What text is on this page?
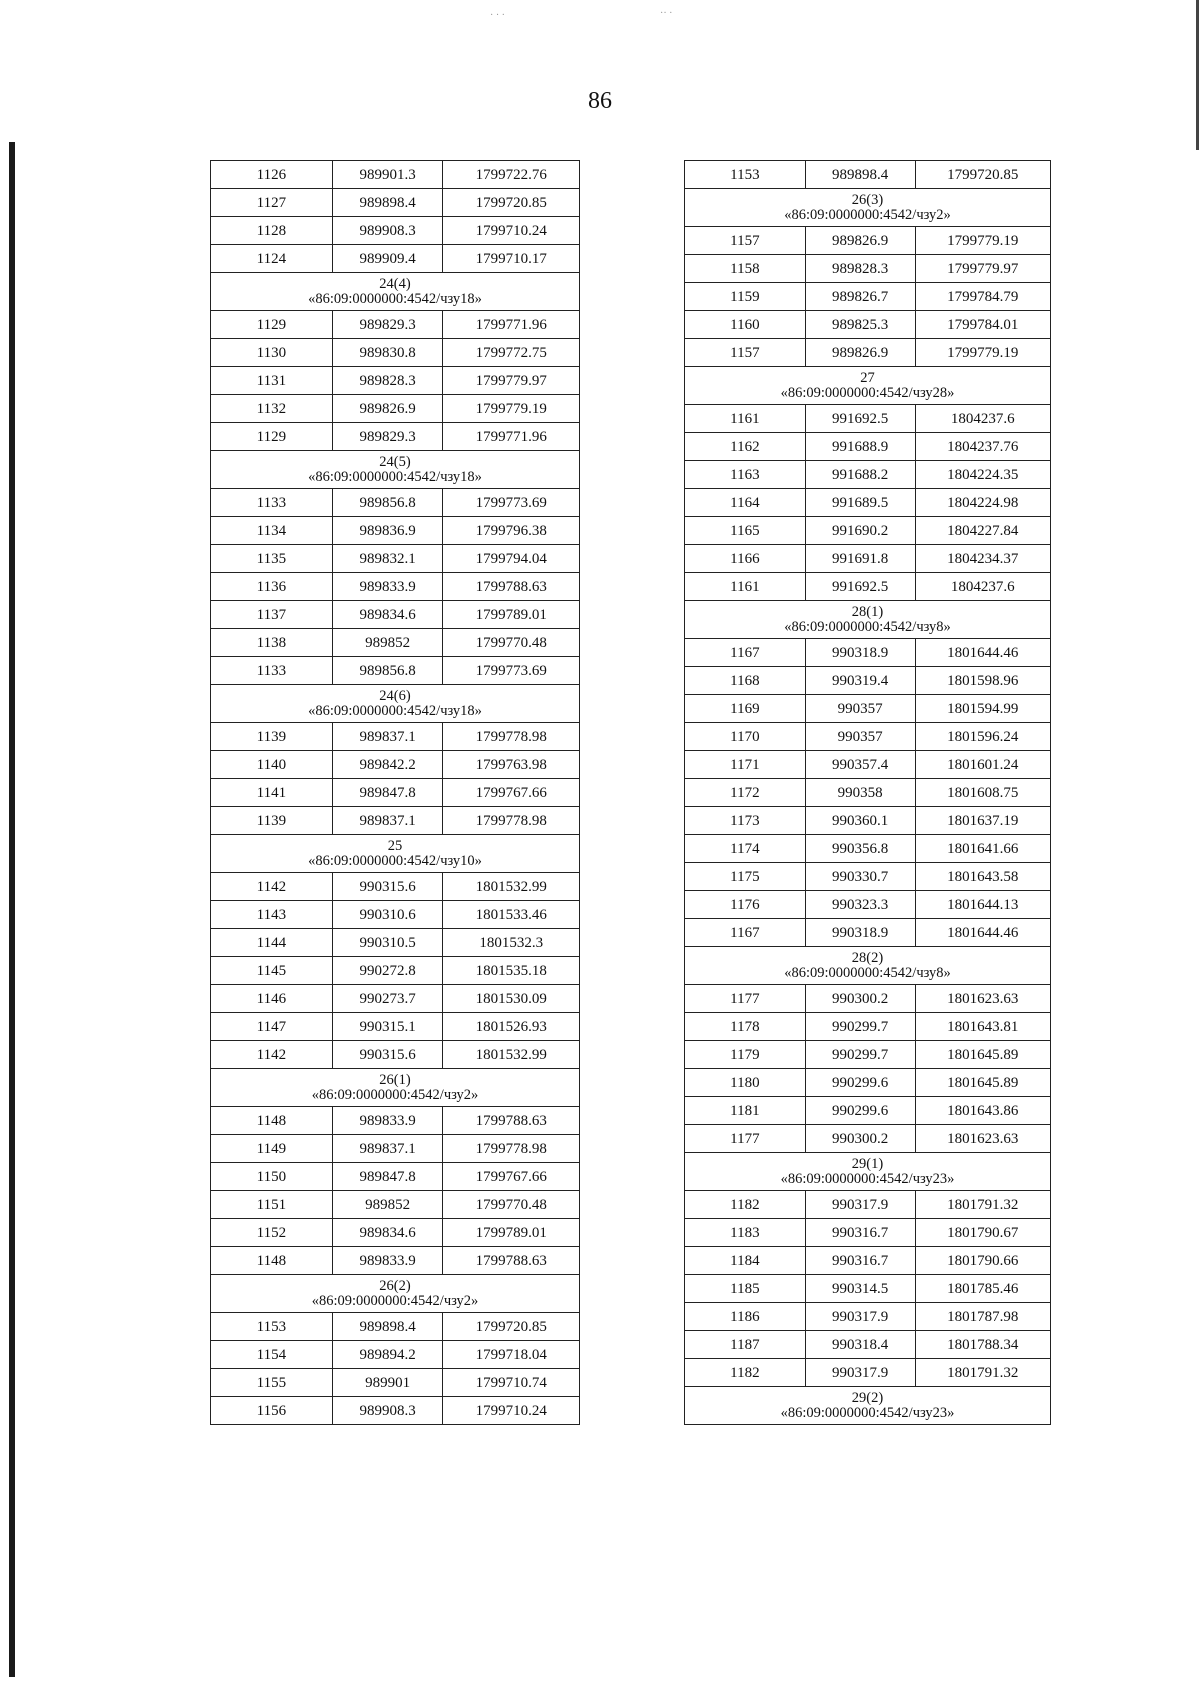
· · ·	·· ·
86
1126	989901.3	1799722.76
1127	989898.4	1799720.85
1128	989908.3	1799710.24
1124	989909.4	1799710.17

24(4)
«86:09:0000000:4542/чзу18»		

1129	989829.3	1799771.96
1130	989830.8	1799772.75
1131	989828.3	1799779.97
1132	989826.9	1799779.19
1129	989829.3	1799771.96

24(5)
«86:09:0000000:4542/чзу18»		

1133	989856.8	1799773.69
1134	989836.9	1799796.38
1135	989832.1	1799794.04
1136	989833.9	1799788.63
1137	989834.6	1799789.01
1138	989852	1799770.48
1133	989856.8	1799773.69

24(6)
«86:09:0000000:4542/чзу18»		

1139	989837.1	1799778.98
1140	989842.2	1799763.98
1141	989847.8	1799767.66
1139	989837.1	1799778.98

25
«86:09:0000000:4542/чзу10»		

1142	990315.6	1801532.99
1143	990310.6	1801533.46
1144	990310.5	1801532.3
1145	990272.8	1801535.18
1146	990273.7	1801530.09
1147	990315.1	1801526.93
1142	990315.6	1801532.99

26(1)
«86:09:0000000:4542/чзу2»		

1148	989833.9	1799788.63
1149	989837.1	1799778.98
1150	989847.8	1799767.66
1151	989852	1799770.48
1152	989834.6	1799789.01
1148	989833.9	1799788.63

26(2)
«86:09:0000000:4542/чзу2»		

1153	989898.4	1799720.85
1154	989894.2	1799718.04
1155	989901	1799710.74
1156	989908.3	1799710.24
1153	989898.4	1799720.85

26(3)
«86:09:0000000:4542/чзу2»		

1157	989826.9	1799779.19
1158	989828.3	1799779.97
1159	989826.7	1799784.79
1160	989825.3	1799784.01
1157	989826.9	1799779.19

27
«86:09:0000000:4542/чзу28»		

1161	991692.5	1804237.6
1162	991688.9	1804237.76
1163	991688.2	1804224.35
1164	991689.5	1804224.98
1165	991690.2	1804227.84
1166	991691.8	1804234.37
1161	991692.5	1804237.6

28(1)
«86:09:0000000:4542/чзу8»		

1167	990318.9	1801644.46
1168	990319.4	1801598.96
1169	990357	1801594.99
1170	990357	1801596.24
1171	990357.4	1801601.24
1172	990358	1801608.75
1173	990360.1	1801637.19
1174	990356.8	1801641.66
1175	990330.7	1801643.58
1176	990323.3	1801644.13
1167	990318.9	1801644.46

28(2)
«86:09:0000000:4542/чзу8»		

1177	990300.2	1801623.63
1178	990299.7	1801643.81
1179	990299.7	1801645.89
1180	990299.6	1801645.89
1181	990299.6	1801643.86
1177	990300.2	1801623.63

29(1)
«86:09:0000000:4542/чзу23»		

1182	990317.9	1801791.32
1183	990316.7	1801790.67
1184	990316.7	1801790.66
1185	990314.5	1801785.46
1186	990317.9	1801787.98
1187	990318.4	1801788.34
1182	990317.9	1801791.32

29(2)
«86:09:0000000:4542/чзу23»		
